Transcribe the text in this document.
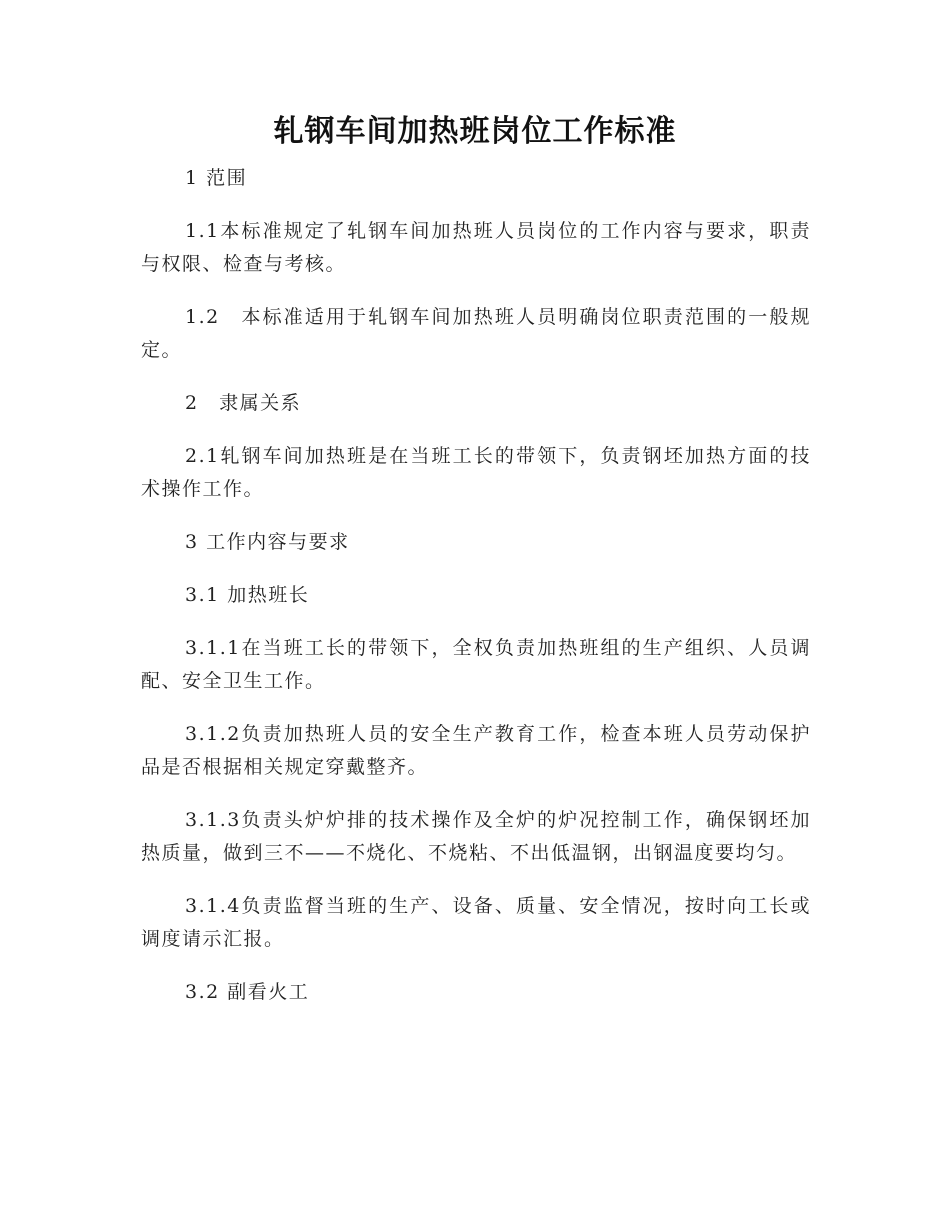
轧钢车间加热班岗位工作标准

1 范围

1.1本标准规定了轧钢车间加热班人员岗位的工作内容与要求，职责与权限、检查与考核。

1.2　本标准适用于轧钢车间加热班人员明确岗位职责范围的一般规定。

2　隶属关系

2.1轧钢车间加热班是在当班工长的带领下，负责钢坯加热方面的技术操作工作。

3 工作内容与要求

3.1 加热班长

3.1.1在当班工长的带领下，全权负责加热班组的生产组织、人员调配、安全卫生工作。

3.1.2负责加热班人员的安全生产教育工作，检查本班人员劳动保护品是否根据相关规定穿戴整齐。

3.1.3负责头炉炉排的技术操作及全炉的炉况控制工作，确保钢坯加热质量，做到三不——不烧化、不烧粘、不出低温钢，出钢温度要均匀。

3.1.4负责监督当班的生产、设备、质量、安全情况，按时向工长或调度请示汇报。

3.2 副看火工
